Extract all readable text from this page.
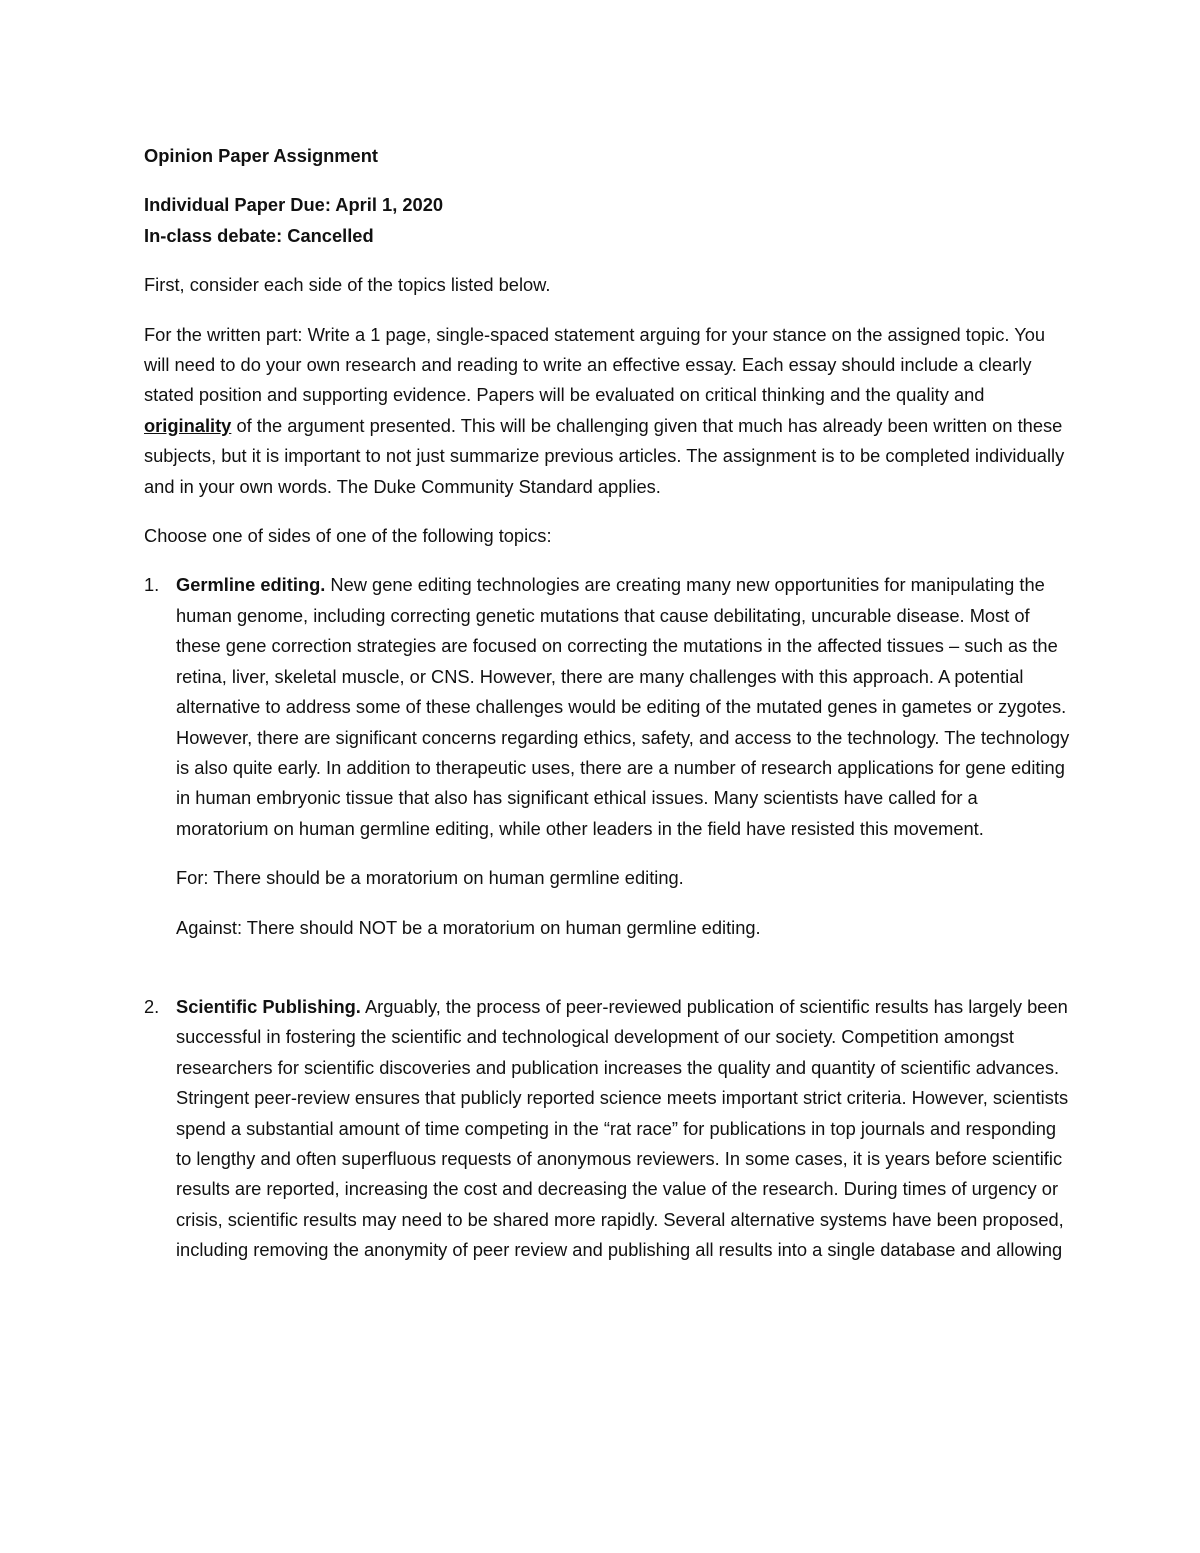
Opinion Paper Assignment
Individual Paper Due: April 1, 2020
In-class debate: Cancelled
First, consider each side of the topics listed below.
For the written part: Write a 1 page, single-spaced statement arguing for your stance on the assigned topic. You will need to do your own research and reading to write an effective essay. Each essay should include a clearly stated position and supporting evidence. Papers will be evaluated on critical thinking and the quality and originality of the argument presented. This will be challenging given that much has already been written on these subjects, but it is important to not just summarize previous articles. The assignment is to be completed individually and in your own words. The Duke Community Standard applies.
Choose one of sides of one of the following topics:
1. Germline editing. New gene editing technologies are creating many new opportunities for manipulating the human genome, including correcting genetic mutations that cause debilitating, uncurable disease. Most of these gene correction strategies are focused on correcting the mutations in the affected tissues – such as the retina, liver, skeletal muscle, or CNS. However, there are many challenges with this approach. A potential alternative to address some of these challenges would be editing of the mutated genes in gametes or zygotes. However, there are significant concerns regarding ethics, safety, and access to the technology. The technology is also quite early. In addition to therapeutic uses, there are a number of research applications for gene editing in human embryonic tissue that also has significant ethical issues. Many scientists have called for a moratorium on human germline editing, while other leaders in the field have resisted this movement.
For: There should be a moratorium on human germline editing.
Against: There should NOT be a moratorium on human germline editing.
2. Scientific Publishing. Arguably, the process of peer-reviewed publication of scientific results has largely been successful in fostering the scientific and technological development of our society. Competition amongst researchers for scientific discoveries and publication increases the quality and quantity of scientific advances. Stringent peer-review ensures that publicly reported science meets important strict criteria. However, scientists spend a substantial amount of time competing in the “rat race” for publications in top journals and responding to lengthy and often superfluous requests of anonymous reviewers. In some cases, it is years before scientific results are reported, increasing the cost and decreasing the value of the research. During times of urgency or crisis, scientific results may need to be shared more rapidly. Several alternative systems have been proposed, including removing the anonymity of peer review and publishing all results into a single database and allowing
